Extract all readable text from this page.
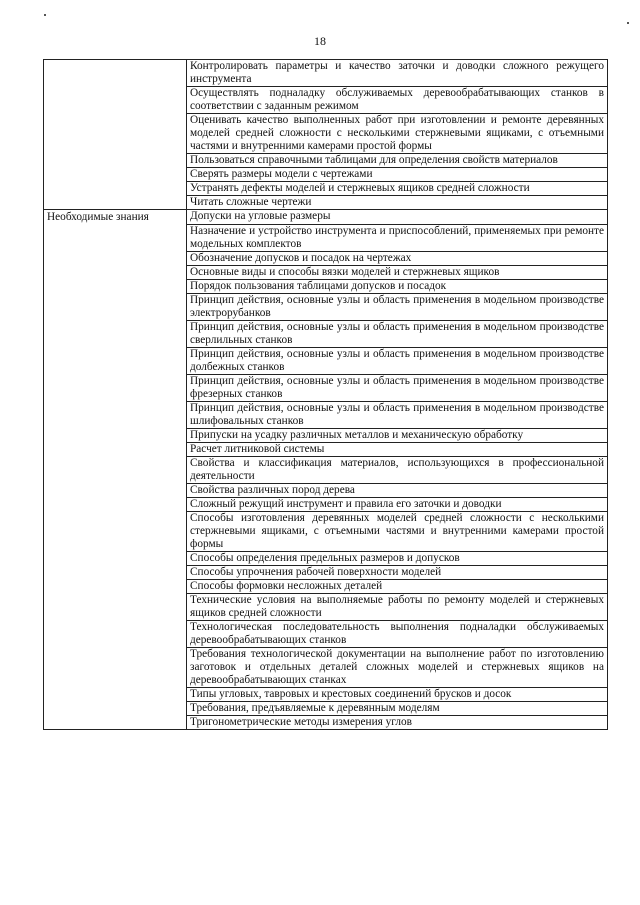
18
	Контролировать параметры и качество заточки и доводки сложного режущего инструмента
	Осуществлять подналадку обслуживаемых деревообрабатывающих станков в соответствии с заданным режимом
	Оценивать качество выполненных работ при изготовлении и ремонте деревянных моделей средней сложности с несколькими стержневыми ящиками, с отъемными частями и внутренними камерами простой формы
	Пользоваться справочными таблицами для определения свойств материалов
	Сверять размеры модели с чертежами
	Устранять дефекты моделей и стержневых ящиков средней сложности
	Читать сложные чертежи

Необходимые знания	Допуски на угловые размеры
	Назначение и устройство инструмента и приспособлений, применяемых при ремонте модельных комплектов
	Обозначение допусков и посадок на чертежах
	Основные виды и способы вязки моделей и стержневых ящиков
	Порядок пользования таблицами допусков и посадок
	Принцип действия, основные узлы и область применения в модельном производстве электрорубанков
	Принцип действия, основные узлы и область применения в модельном производстве сверлильных станков
	Принцип действия, основные узлы и область применения в модельном производстве долбежных станков
	Принцип действия, основные узлы и область применения в модельном производстве фрезерных станков
	Принцип действия, основные узлы и область применения в модельном производстве шлифовальных станков
	Припуски на усадку различных металлов и механическую обработку
	Расчет литниковой системы
	Свойства и классификация материалов, использующихся в профессиональной деятельности
	Свойства различных пород дерева
	Сложный режущий инструмент и правила его заточки и доводки
	Способы изготовления деревянных моделей средней сложности с несколькими стержневыми ящиками, с отъемными частями и внутренними камерами простой формы
	Способы определения предельных размеров и допусков
	Способы упрочнения рабочей поверхности моделей
	Способы формовки несложных деталей
	Технические условия на выполняемые работы по ремонту моделей и стержневых ящиков средней сложности
	Технологическая последовательность выполнения подналадки обслуживаемых деревообрабатывающих станков
	Требования технологической документации на выполнение работ по изготовлению заготовок и отдельных деталей сложных моделей и стержневых ящиков на деревообрабатывающих станках
	Типы угловых, тавровых и крестовых соединений брусков и досок
	Требования, предъявляемые к деревянным моделям
	Тригонометрические методы измерения углов
